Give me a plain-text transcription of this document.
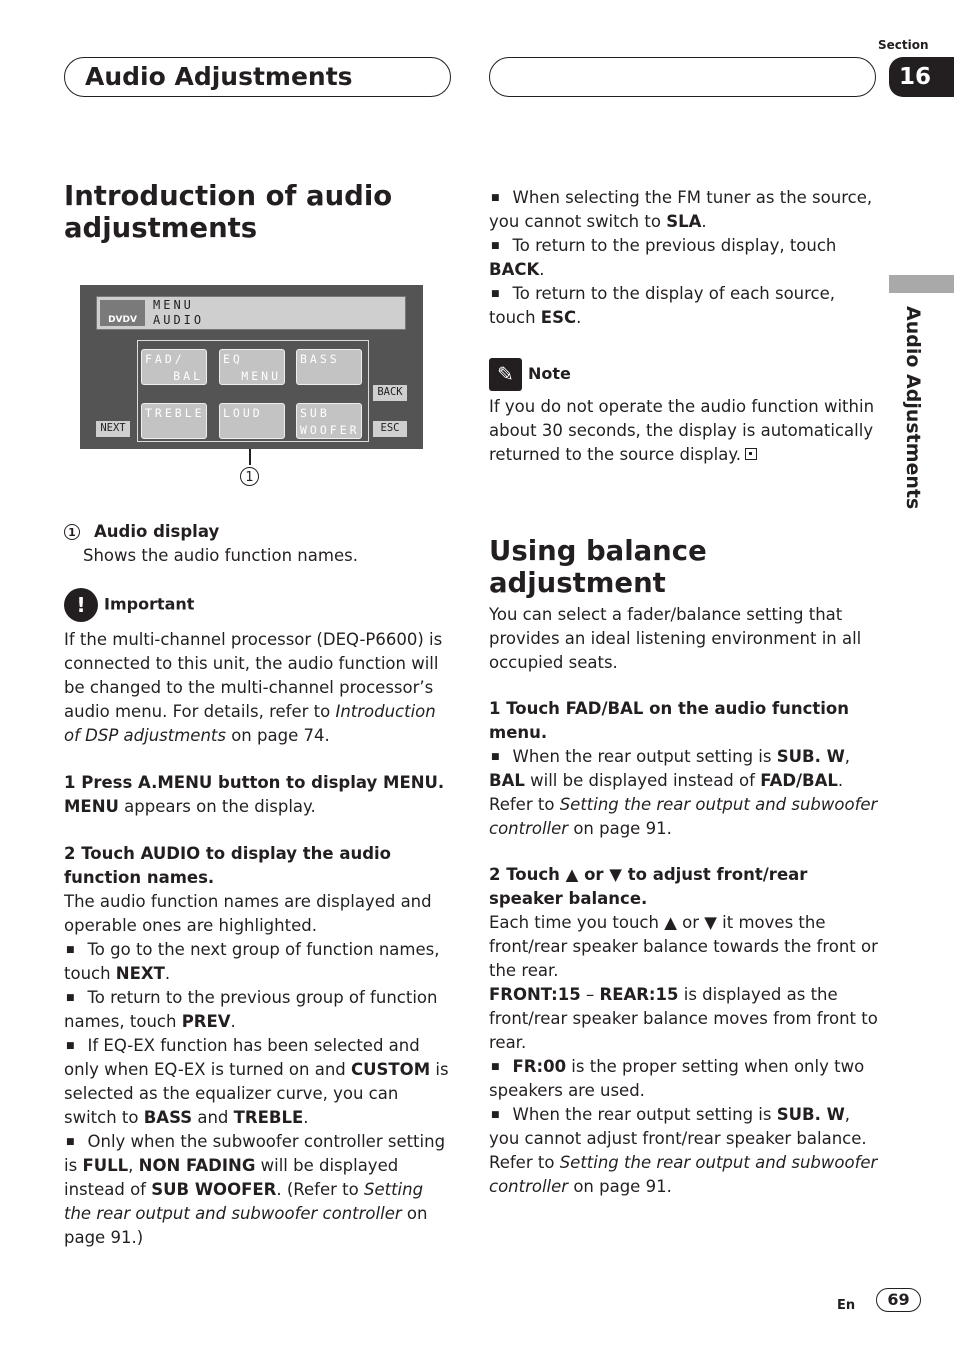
Audio Adjustments
Section
16
Audio Adjustments
DVDV
MENU
AUDIO
FAD/
BAL
EQ
MENU
BASS
TREBLE LOUD	SUB
WOOFER
NEXT
BACK
ESC
1
Introduction of audio adjustments

1 Audio display

Shows the audio function names.

! Important

If the multi-channel processor (DEQ-P6600) is connected to this unit, the audio function will be changed to the multi-channel processor’s audio menu. For details, refer to Introduction of DSP adjustments on page 74.

1 Press A.MENU button to display MENU.

MENU appears on the display.

2 Touch AUDIO to display the audio function names.

The audio function names are displayed and operable ones are highlighted.

■ To go to the next group of function names, touch NEXT.

■ To return to the previous group of function names, touch PREV.

■ If EQ-EX function has been selected and only when EQ-EX is turned on and CUSTOM is selected as the equalizer curve, you can switch to BASS and TREBLE.

■ Only when the subwoofer controller setting is FULL, NON FADING will be displayed instead of SUB WOOFER. (Refer to Setting the rear output and subwoofer controller on page 91.)

■ When selecting the FM tuner as the source, you cannot switch to SLA.

■ To return to the previous display, touch BACK.

■ To return to the display of each source, touch ESC.

✎ Note

If you do not operate the audio function within about 30 seconds, the display is automatically returned to the source display.

Using balance adjustment

You can select a fader/balance setting that provides an ideal listening environment in all occupied seats.

1 Touch FAD/BAL on the audio function menu.

■ When the rear output setting is SUB. W, BAL will be displayed instead of FAD/BAL. Refer to Setting the rear output and subwoofer controller on page 91.

2 Touch ▲ or ▼ to adjust front/rear speaker balance.

Each time you touch ▲ or ▼ it moves the front/rear speaker balance towards the front or the rear.

FRONT:15 – REAR:15 is displayed as the front/rear speaker balance moves from front to rear.

■ FR:00 is the proper setting when only two speakers are used.

■ When the rear output setting is SUB. W, you cannot adjust front/rear speaker balance. Refer to Setting the rear output and subwoofer controller on page 91.

En	69
